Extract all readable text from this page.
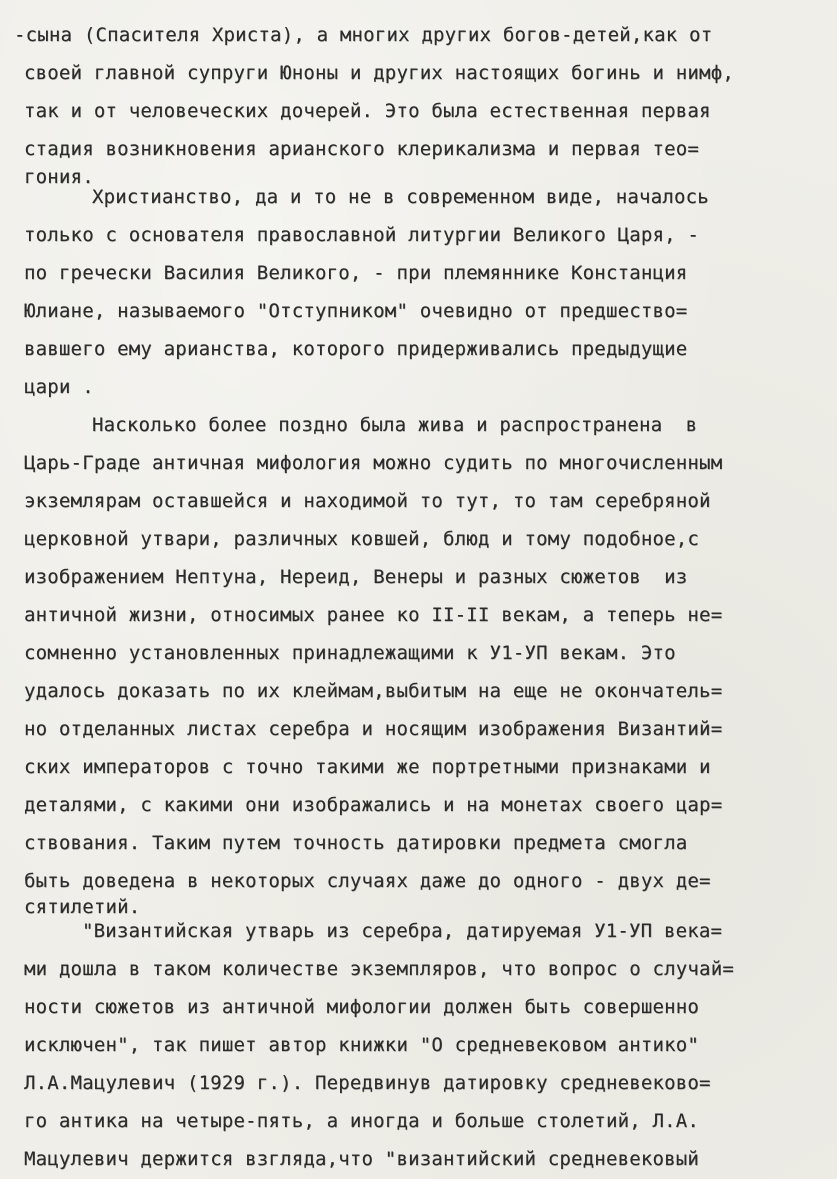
-сына (Спасителя Христа), а многих других богов-детей,как от
своей главной супруги Юноны и других настоящих богинь и нимф,
так и от человеческих дочерей. Это была естественная первая
стадия возникновения арианского клерикализма и первая тео=
гония.
Христианство, да и то не в современном виде, началось
только с основателя православной литургии Великого Царя, -
по гречески Василия Великого, - при племяннике Констанция
Юлиане, называемого "Отступником" очевидно от предшество=
вавшего ему арианства, которого придерживались предыдущие
цари .
Насколько более поздно была жива и распространена  в
Царь-Граде античная мифология можно судить по многочисленным
экземлярам оставшейся и находимой то тут, то там серебряной
церковной утвари, различных ковшей, блюд и тому подобное,с
изображением Нептуна, Нереид, Венеры и разных сюжетов  из
античной жизни, относимых ранее ко II-II векам, а теперь не=
сомненно установленных принадлежащими к У1-УП векам. Это
удалось доказать по их клеймам,выбитым на еще не окончатель=
но отделанных листах серебра и носящим изображения Византий=
ских императоров с точно такими же портретными признаками и
деталями, с какими они изображались и на монетах своего цар=
ствования. Таким путем точность датировки предмета смогла
быть доведена в некоторых случаях даже до одного - двух де=
сятилетий.
"Византийская утварь из серебра, датируемая У1-УП века=
ми дошла в таком количестве экземпляров, что вопрос о случай=
ности сюжетов из античной мифологии должен быть совершенно
исключен", так пишет автор книжки "О средневековом антико"
Л.А.Мацулевич (1929 г.). Передвинув датировку средневеково=
го антика на четыре-пять, а иногда и больше столетий, Л.А.
Мацулевич держится взгляда,что "византийский средневековый
